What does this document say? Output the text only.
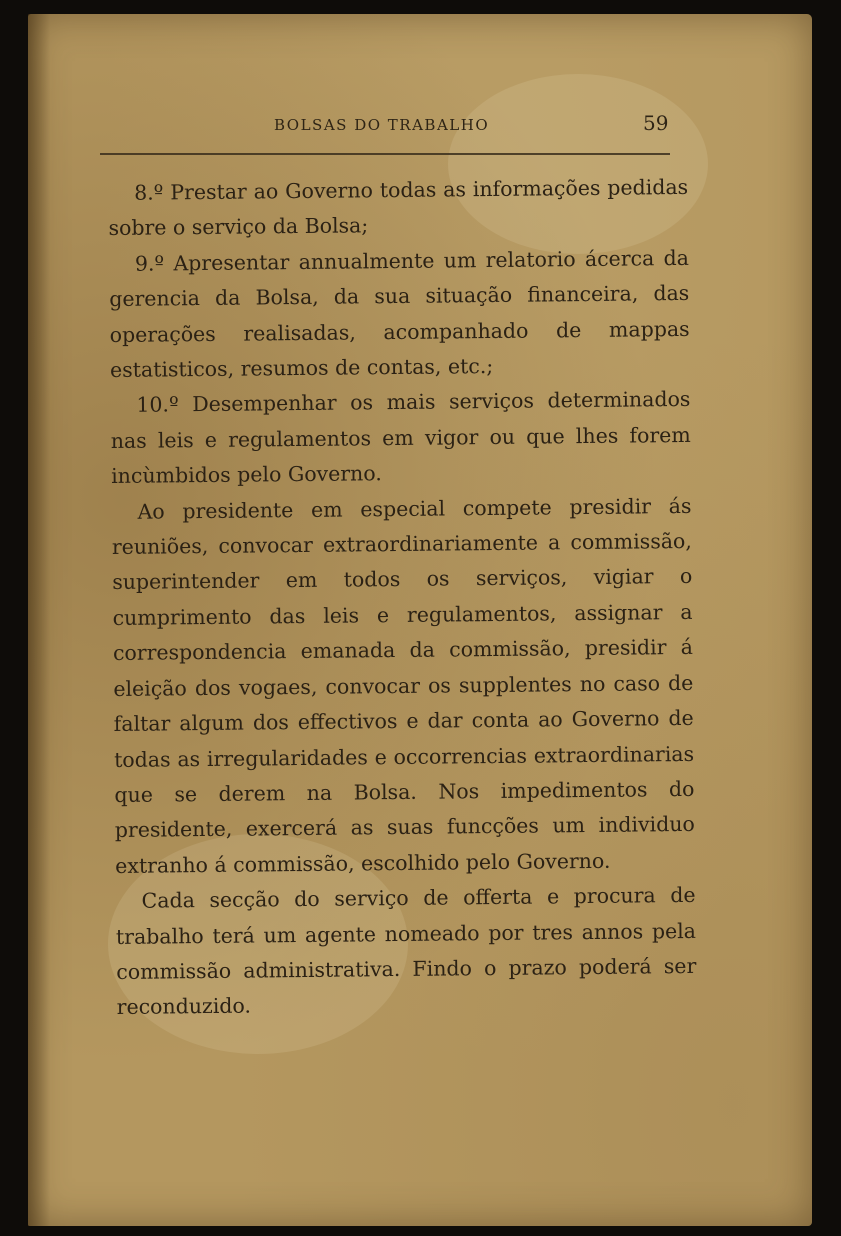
BOLSAS DO TRABALHO	59

8.º Prestar ao Governo todas as informações pedidas sobre o serviço da Bolsa;

9.º Apresentar annualmente um relatorio ácerca da gerencia da Bolsa, da sua situação financeira, das operações realisadas, acompanhado de mappas estatisticos, resumos de contas, etc.;

10.º Desempenhar os mais serviços determinados nas leis e regulamentos em vigor ou que lhes forem incùmbidos pelo Governo.

Ao presidente em especial compete presidir ás reuniões, convocar extraordinariamente a commissão, superintender em todos os serviços, vigiar o cumprimento das leis e regulamentos, assignar a correspondencia emanada da commissão, presidir á eleição dos vogaes, convocar os supplentes no caso de faltar algum dos effectivos e dar conta ao Governo de todas as irregularidades e occorrencias extraordinarias que se derem na Bolsa. Nos impedimentos do presidente, exercerá as suas funcções um individuo extranho á commissão, escolhido pelo Governo.

Cada secção do serviço de offerta e procura de trabalho terá um agente nomeado por tres annos pela commissão administrativa. Findo o prazo poderá ser reconduzido.
